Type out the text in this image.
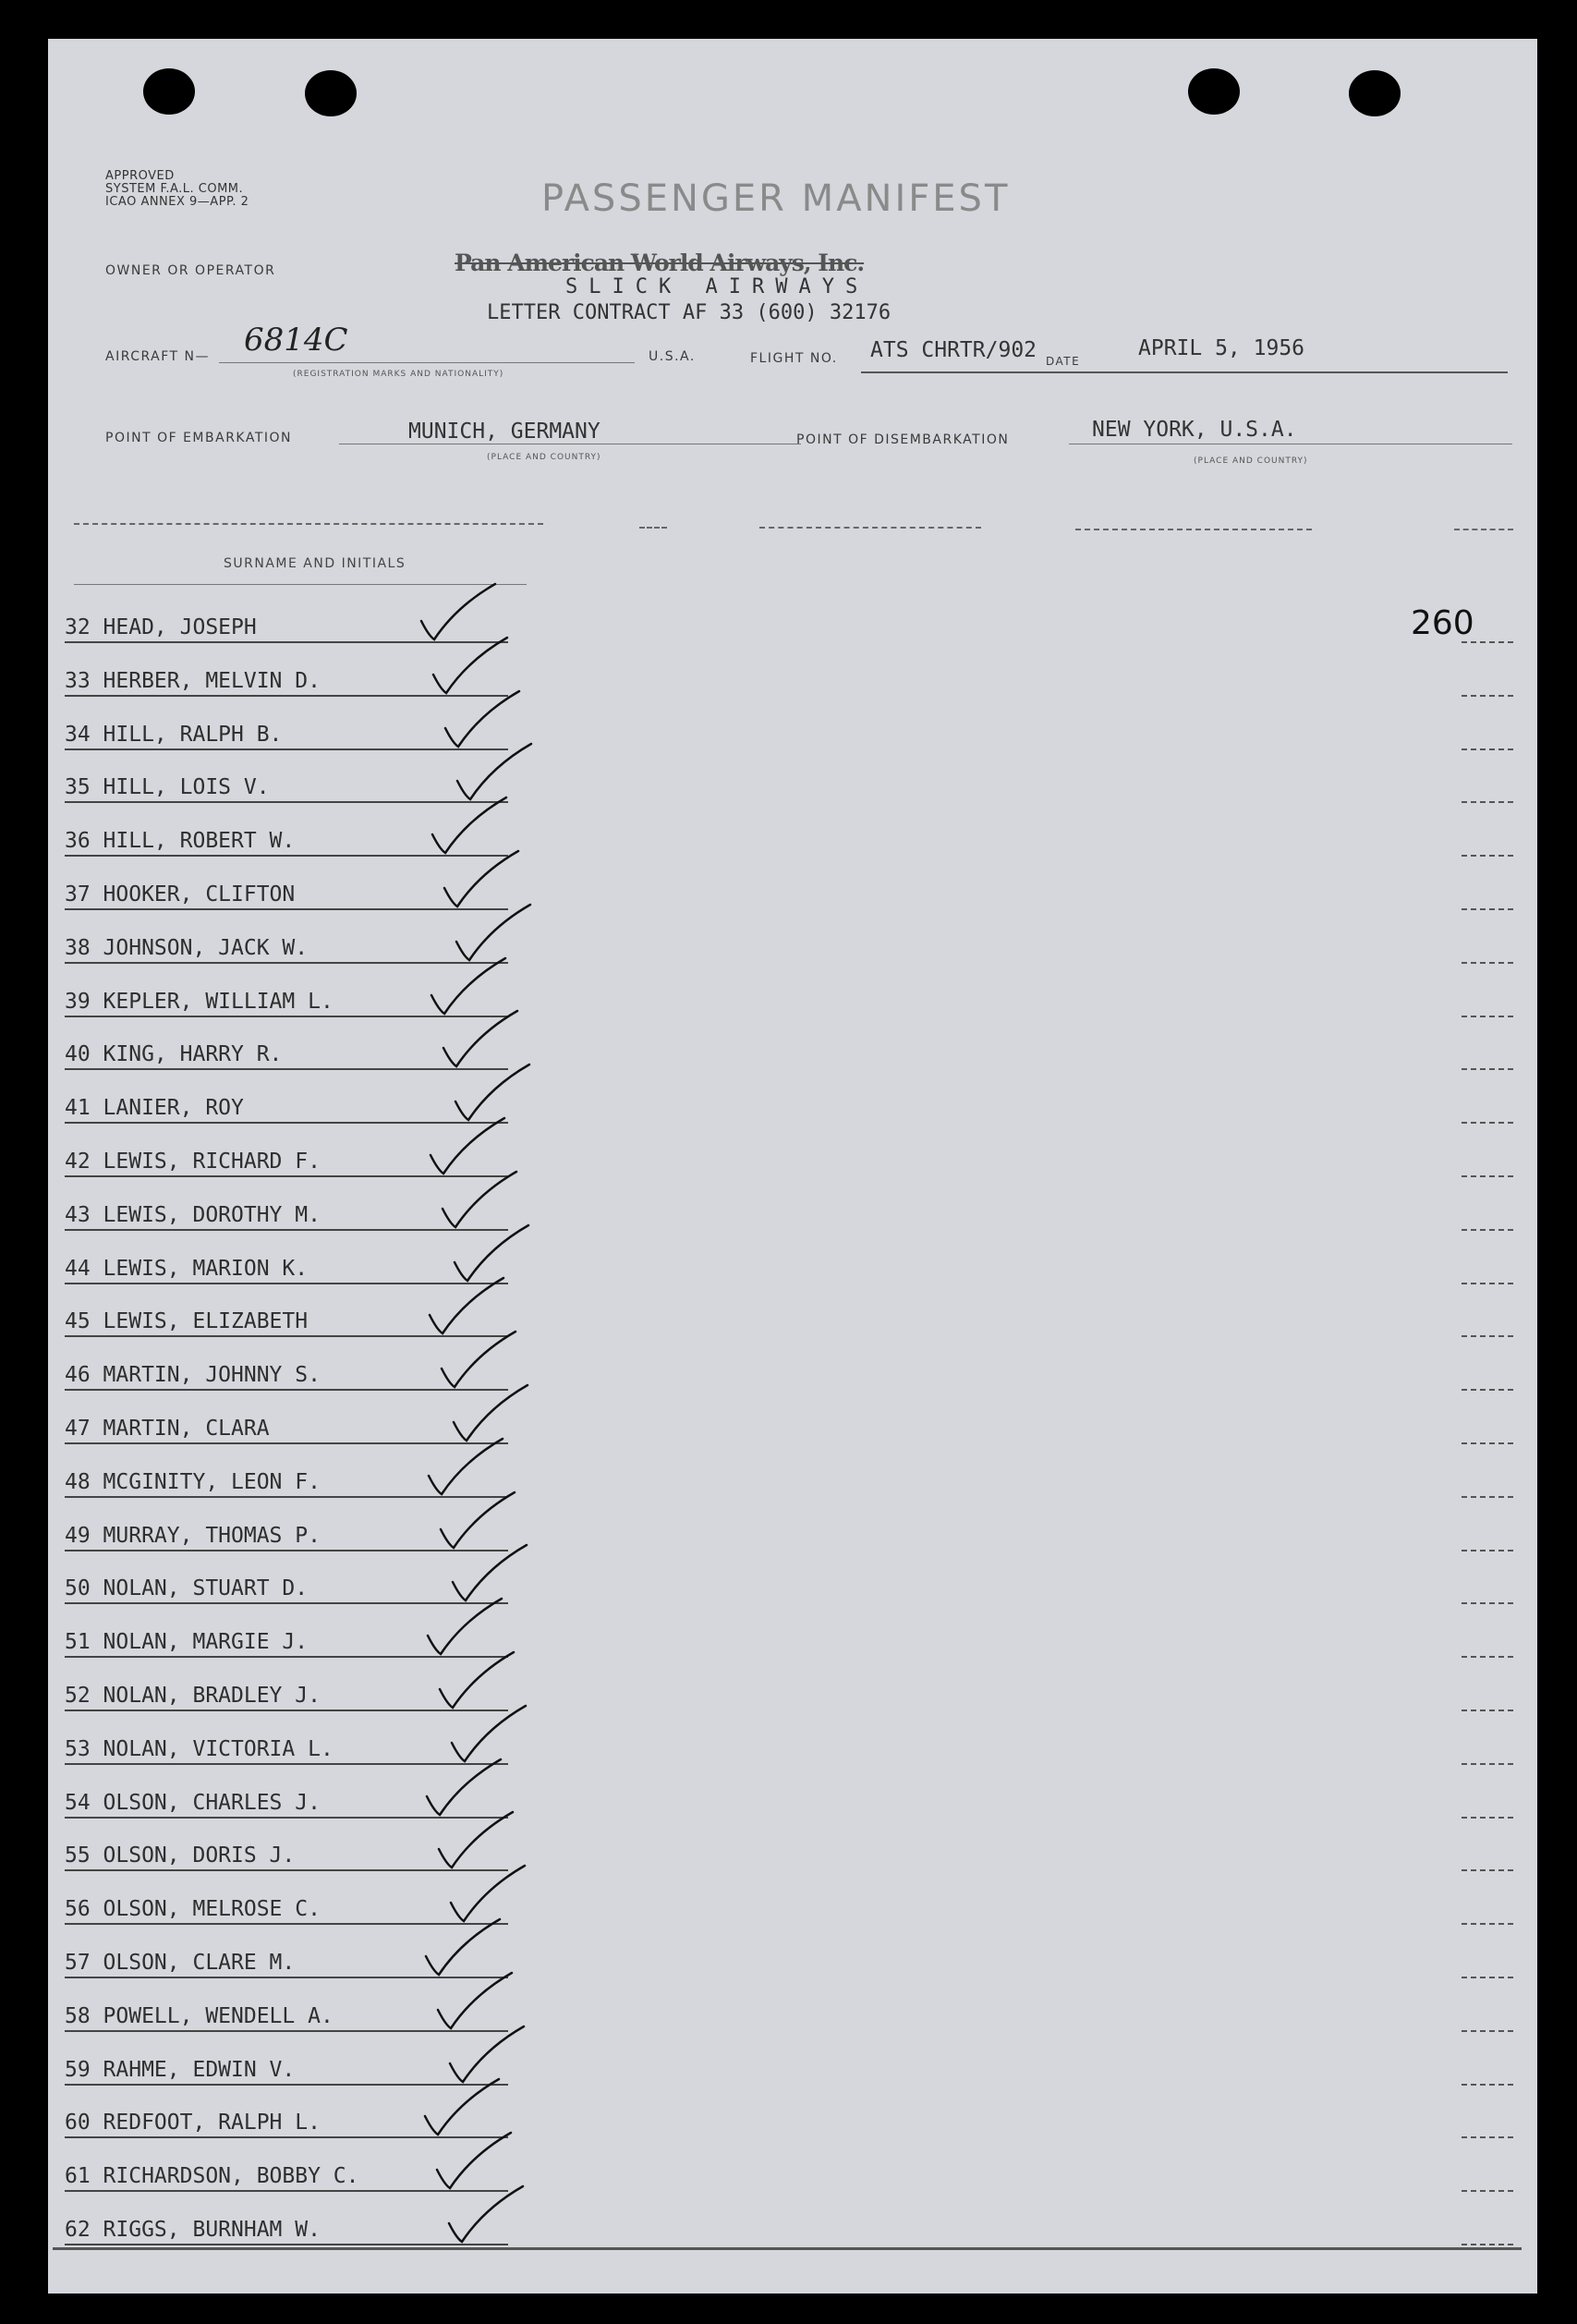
APPROVED
SYSTEM F.A.L. COMM.
ICAO ANNEX 9—APP. 2	PASSENGER MANIFEST
OWNER OR OPERATOR	Pan American World Airways, Inc.
SLICK AIRWAYS
LETTER CONTRACT AF 33 (600) 32176
AIRCRAFT N— 6814C
(REGISTRATION MARKS AND NATIONALITY)
U.S.A.	FLIGHT NO. ATS CHRTR/902 DATE
APRIL 5, 1956
POINT OF EMBARKATION	MUNICH, GERMANY
(PLACE AND COUNTRY)
POINT OF DISEMBARKATION	NEW YORK, U.S.A.
(PLACE AND COUNTRY)
SURNAME AND INITIALS
260
32 HEAD, JOSEPH
33 HERBER, MELVIN D.
34 HILL, RALPH B.
35 HILL, LOIS V.
36 HILL, ROBERT W.
37 HOOKER, CLIFTON
38 JOHNSON, JACK W.
39 KEPLER, WILLIAM L.
40 KING, HARRY R.
41 LANIER, ROY
42 LEWIS, RICHARD F.
43 LEWIS, DOROTHY M.
44 LEWIS, MARION K.
45 LEWIS, ELIZABETH
46 MARTIN, JOHNNY S.
47 MARTIN, CLARA
48 MCGINITY, LEON F.
49 MURRAY, THOMAS P.
50 NOLAN, STUART D.
51 NOLAN, MARGIE J.
52 NOLAN, BRADLEY J.
53 NOLAN, VICTORIA L.
54 OLSON, CHARLES J.
55 OLSON, DORIS J.
56 OLSON, MELROSE C.
57 OLSON, CLARE M.
58 POWELL, WENDELL A.
59 RAHME, EDWIN V.
60 REDFOOT, RALPH L.
61 RICHARDSON, BOBBY C.
62 RIGGS, BURNHAM W.
